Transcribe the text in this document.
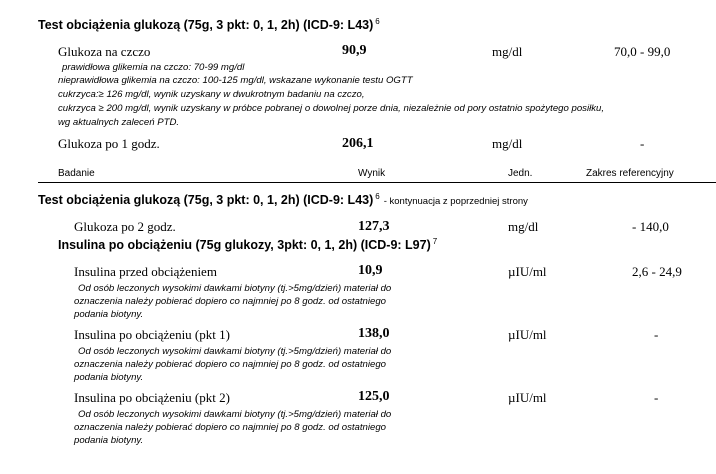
Test obciążenia glukozą (75g, 3 pkt: 0, 1, 2h) (ICD-9: L43) $^6$
Glukoza na czczo	90,9	mg/dl	70,0 - 99,0
prawidłowa glikemia na czczo: 70-99 mg/dl
nieprawidłowa glikemia na czczo: 100-125 mg/dl, wskazane wykonanie testu OGTT
cukrzyca:≥ 126 mg/dl, wynik uzyskany w dwukrotnym badaniu na czczo,
cukrzyca ≥ 200 mg/dl, wynik uzyskany w próbce pobranej o dowolnej porze dnia, niezależnie od pory ostatnio spożytego posiłku,
wg aktualnych zaleceń PTD.
Glukoza po 1 godz.	206,1	mg/dl	-
Badanie	Wynik	Jedn.	Zakres referencyjny
Test obciążenia glukozą (75g, 3 pkt: 0, 1, 2h) (ICD-9: L43) $^6$ - kontynuacja z poprzedniej strony
Glukoza po 2 godz.	127,3	mg/dl	- 140,0
Insulina po obciążeniu (75g glukozy, 3pkt: 0, 1, 2h) (ICD-9: L97) $^7$
Insulina przed obciążeniem	10,9	µIU/ml	2,6 - 24,9
Od osób leczonych wysokimi dawkami biotyny (tj.>5mg/dzień) materiał do
oznaczenia należy pobierać dopiero co najmniej po 8 godz. od ostatniego
podania biotyny.
Insulina po obciążeniu (pkt 1)	138,0	µIU/ml	-
Od osób leczonych wysokimi dawkami biotyny (tj.>5mg/dzień) materiał do
oznaczenia należy pobierać dopiero co najmniej po 8 godz. od ostatniego
podania biotyny.
Insulina po obciążeniu (pkt 2)	125,0	µIU/ml	-
Od osób leczonych wysokimi dawkami biotyny (tj.>5mg/dzień) materiał do
oznaczenia należy pobierać dopiero co najmniej po 8 godz. od ostatniego
podania biotyny.
